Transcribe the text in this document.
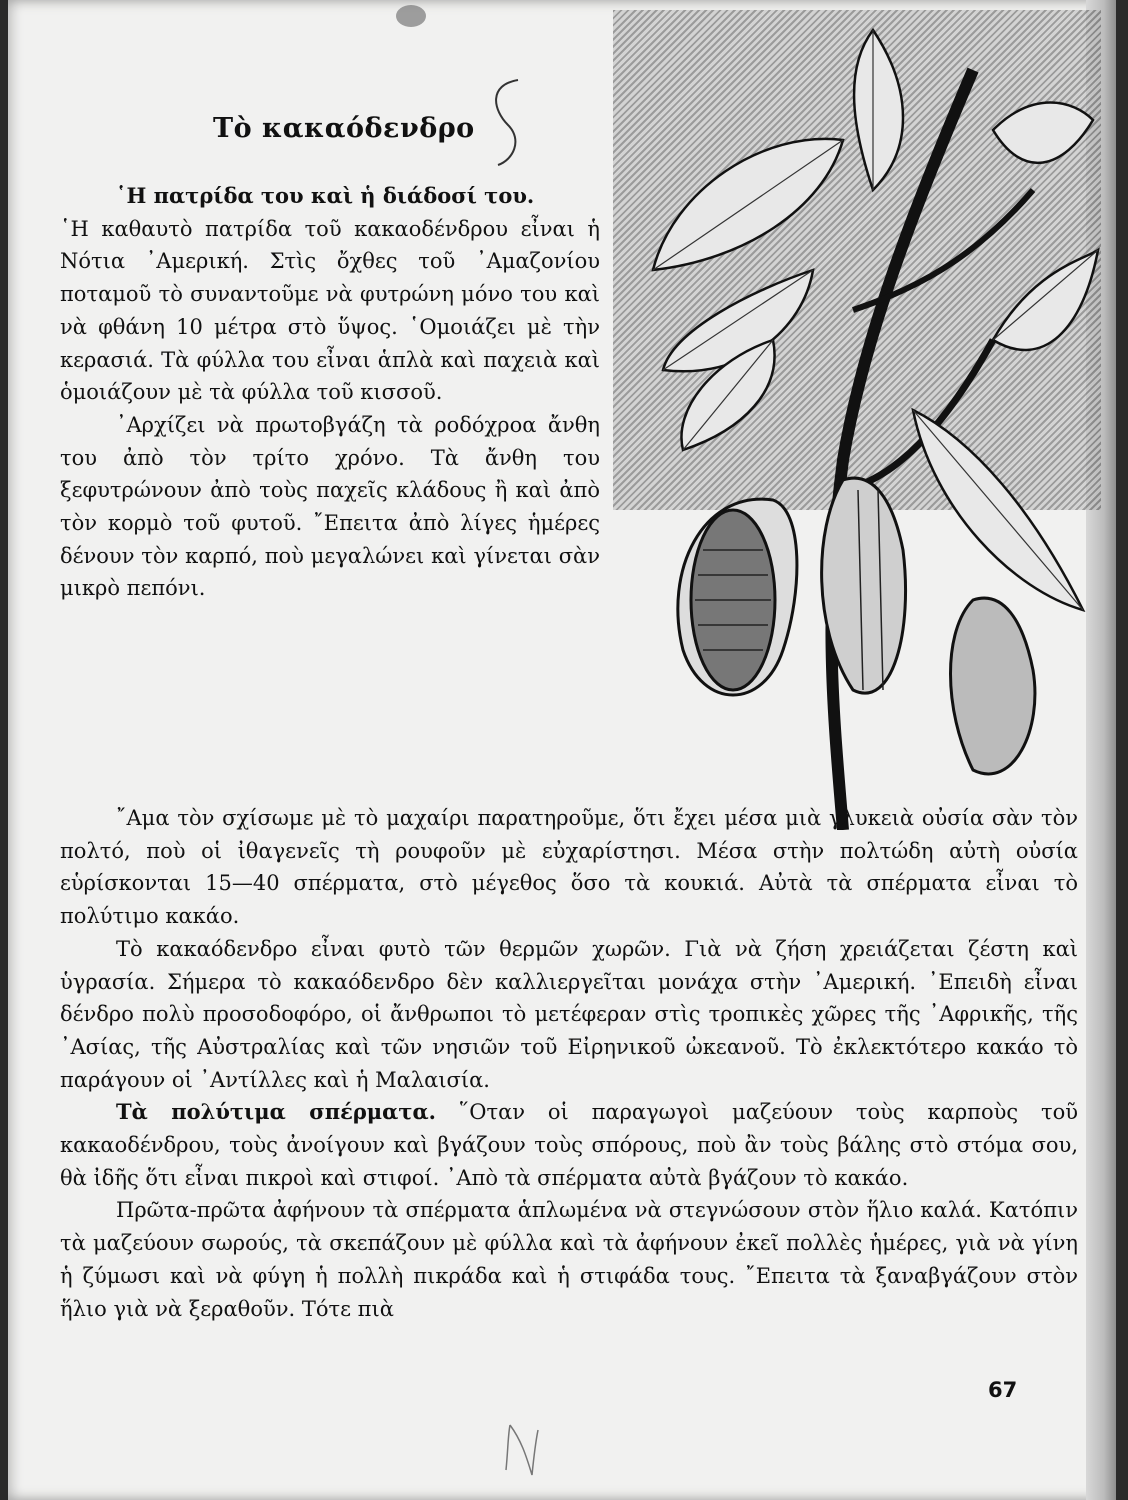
Τὸ κακαόδενδρο

῾Η πατρίδα του καὶ ἡ διάδοσί του.

῾Η καθαυτὸ πατρίδα τοῦ κακαοδένδρου εἶναι ἡ Νότια ᾽Αμερική. Στὶς ὄχθες τοῦ ᾽Αμαζονίου ποταμοῦ τὸ συναντοῦμε νὰ φυτρώνη μόνο του καὶ νὰ φθάνη 10 μέτρα στὸ ὕψος. ῾Ομοιάζει μὲ τὴν κερασιά. Τὰ φύλλα του εἶναι ἁπλὰ καὶ παχειὰ καὶ ὁμοιάζουν μὲ τὰ φύλλα τοῦ κισσοῦ.

᾽Αρχίζει νὰ πρωτοβγάζη τὰ ροδόχροα ἄνθη του ἀπὸ τὸν τρίτο χρόνο. Τὰ ἄνθη του ξεφυτρώνουν ἀπὸ τοὺς παχεῖς κλάδους ἢ καὶ ἀπὸ τὸν κορμὸ τοῦ φυτοῦ. ῎Επειτα ἀπὸ λίγες ἡμέρες δένουν τὸν καρπό, ποὺ μεγαλώνει καὶ γίνεται σὰν μικρὸ πεπόνι.

῎Αμα τὸν σχίσωμε μὲ τὸ μαχαίρι παρατηροῦμε, ὅτι ἔχει μέσα μιὰ γλυκειὰ οὐσία σὰν τὸν πολτό, ποὺ οἱ ἰθαγενεῖς τὴ ρουφοῦν μὲ εὐχαρίστησι. Μέσα στὴν πολτώδη αὐτὴ οὐσία εὑρίσκονται 15—40 σπέρματα, στὸ μέγεθος ὅσο τὰ κουκιά. Αὐτὰ τὰ σπέρματα εἶναι τὸ πολύτιμο κακάο.

Τὸ κακαόδενδρο εἶναι φυτὸ τῶν θερμῶν χωρῶν. Γιὰ νὰ ζήση χρειάζεται ζέστη καὶ ὑγρασία. Σήμερα τὸ κακαόδενδρο δὲν καλλιεργεῖται μονάχα στὴν ᾽Αμερική. ᾽Επειδὴ εἶναι δένδρο πολὺ προσοδοφόρο, οἱ ἄνθρωποι τὸ μετέφεραν στὶς τροπικὲς χῶρες τῆς ᾽Αφρικῆς, τῆς ᾽Ασίας, τῆς Αὐστραλίας καὶ τῶν νησιῶν τοῦ Εἰρηνικοῦ ὠκεανοῦ. Τὸ ἐκλεκτότερο κακάο τὸ παράγουν οἱ ᾽Αντίλλες καὶ ἡ Μαλαισία.

Τὰ πολύτιμα σπέρματα. ῞Οταν οἱ παραγωγοὶ μαζεύουν τοὺς καρποὺς τοῦ κακαοδένδρου, τοὺς ἀνοίγουν καὶ βγάζουν τοὺς σπόρους, ποὺ ἂν τοὺς βάλης στὸ στόμα σου, θὰ ἰδῆς ὅτι εἶναι πικροὶ καὶ στιφοί. ᾽Απὸ τὰ σπέρματα αὐτὰ βγάζουν τὸ κακάο.

Πρῶτα-πρῶτα ἀφήνουν τὰ σπέρματα ἁπλωμένα νὰ στεγνώσουν στὸν ἥλιο καλά. Κατόπιν τὰ μαζεύουν σωρούς, τὰ σκεπάζουν μὲ φύλλα καὶ τὰ ἀφήνουν ἐκεῖ πολλὲς ἡμέρες, γιὰ νὰ γίνη ἡ ζύμωσι καὶ νὰ φύγη ἡ πολλὴ πικράδα καὶ ἡ στιφάδα τους. ῎Επειτα τὰ ξαναβγάζουν στὸν ἥλιο γιὰ νὰ ξεραθοῦν. Τότε πιὰ

67
